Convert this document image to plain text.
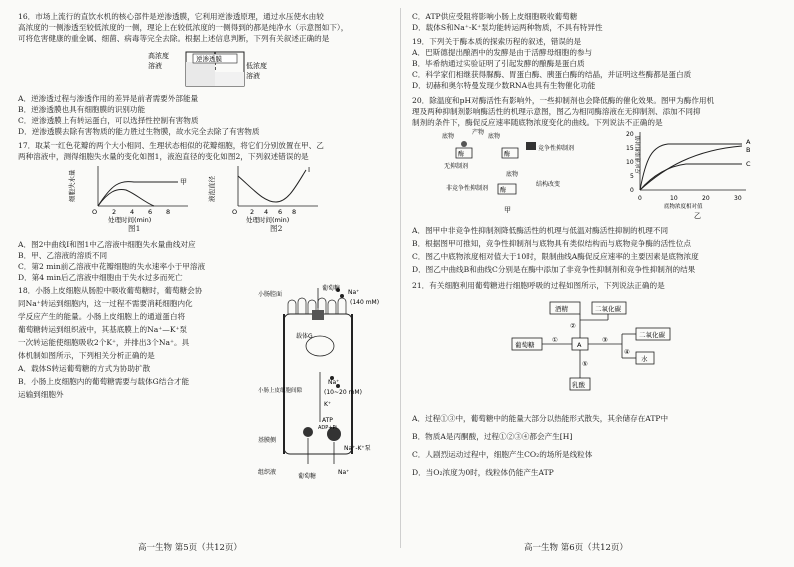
16．市场上流行的直饮水机的核心部件是逆渗透膜，它利用逆渗透原理，通过水压使水由较
高浓度的一侧渗透至较低浓度的一侧，理论上在较低浓度的一侧得到的都是纯净水（示意图如下），
可将危害健康的重金属、细菌、病毒等完全去除。根据上述信息判断，下列有关叙述正确的是
高浓度
溶液	低浓度
溶液
逆渗透膜
A．逆渗透过程与渗透作用的差异是前者需要外部能量
B．逆渗透膜也具有细胞膜的识别功能
C．逆渗透膜上有转运蛋白，可以选择性控制有害物质
D．逆渗透膜去除有害物质的能力胜过生物膜，故水完全去除了有害物质
17．取某一红色花瓣的两个大小相同、生理状态相似的花瓣细胞，将它们分别放置在甲、乙
两种溶液中，测得细胞失水量的变化如图1，液泡直径的变化如图2，下列叙述错误的是
甲
细胞失水量
O 2 4 6 8
处理时间(min)
图1
I
液泡直径
O 2 4 6 8
处理时间(min)
图2
A．图2中曲线I和图1中乙溶液中细胞失水量曲线对应
B．甲、乙溶液的溶质不同
C．第2 min前乙溶液中花瓣细胞的失水速率小于甲溶液
D．第4 min后乙溶液中细胞由于失水过多而死亡
18．小肠上皮细胞从肠腔中吸收葡萄糖时，葡萄糖会协
同Na⁺转运到细胞内，这一过程不需要消耗细胞内化
学反应产生的能量。小肠上皮细胞上的通道蛋白将
葡萄糖转运到组织液中，其基底膜上的Na⁺—K⁺泵
一次转运能使细胞吸收2个K⁺，并排出3个Na⁺。具
体机制如图所示，下列相关分析正确的是
A．载体S转运葡萄糖的方式为协助扩散
B．小肠上皮细胞内的葡萄糖需要与载体G结合才能
运输到细胞外
葡萄糖
Na⁺
(140 mM)
小肠腔面
载体G
Na⁺
(10~20 mM)
K⁺
小肠上皮细胞间隙
ATP
ADP+Pi
基膜侧
Na⁺-K⁺泵
组织液
葡萄糖
Na⁺
高一生物 第5页（共12页）
C．ATP供应受阻将影响小肠上皮细胞吸收葡萄糖
D．载体S和Na⁺-K⁺泵均能转运两种物质，不具有特异性
19．下列关于酶本质的探索历程的叙述，错误的是
A．巴斯德提出酿酒中的发酵是由于活酵母细胞的参与
B．毕希纳通过实验证明了引起发酵的酿酶是蛋白质
C．科学家们相继获得脲酶、胃蛋白酶、胰蛋白酶的结晶，并证明这些酶都是蛋白质
D．切赫和奥尔特曼发现少数RNA也具有生物催化功能
20．除温度和pH对酶活性有影响外，一些抑制剂也会降低酶的催化效果。图甲为酶作用机
理及两种抑制剂影响酶活性的机理示意图，图乙为相同酶溶液在无抑制剂、添加不同抑
制剂的条件下，酶促反应速率随底物浓度变化的曲线。下列说法不正确的是
底物
产物
酶
无抑制剂
酶
底物
竞争性抑制剂
非竞争性抑制剂 酶
底物
结构改变
甲
反应速率相对值
0
5
10
15
20
0	10	20	30
A
B
C
底物浓度相对值
乙
A．图甲中非竞争性抑制剂降低酶活性的机理与低温对酶活性抑制的机理不同
B．根据图甲可推知，竞争性抑制剂与底物具有类似结构而与底物竞争酶的活性位点
C．图乙中底物浓度相对值大于10时，限制曲线A酶促反应速率的主要因素是底物浓度
D．图乙中曲线B和曲线C分别是在酶中添加了非竞争性抑制剂和竞争性抑制剂的结果
21．有关细胞利用葡萄糖进行细胞呼吸的过程如图所示，下列说法正确的是
酒精	二氧化碳
葡萄糖	A
二氧化碳
水
乳酸
①
②
③
④
⑤
A．过程①③中，葡萄糖中的能量大部分以热能形式散失，其余储存在ATP中
B．物质A是丙酮酸，过程①②③④都会产生[H]
C．人剧烈运动过程中，细胞产生CO₂的场所是线粒体
D．当O₂浓度为0时，线粒体仍能产生ATP
高一生物 第6页（共12页）
